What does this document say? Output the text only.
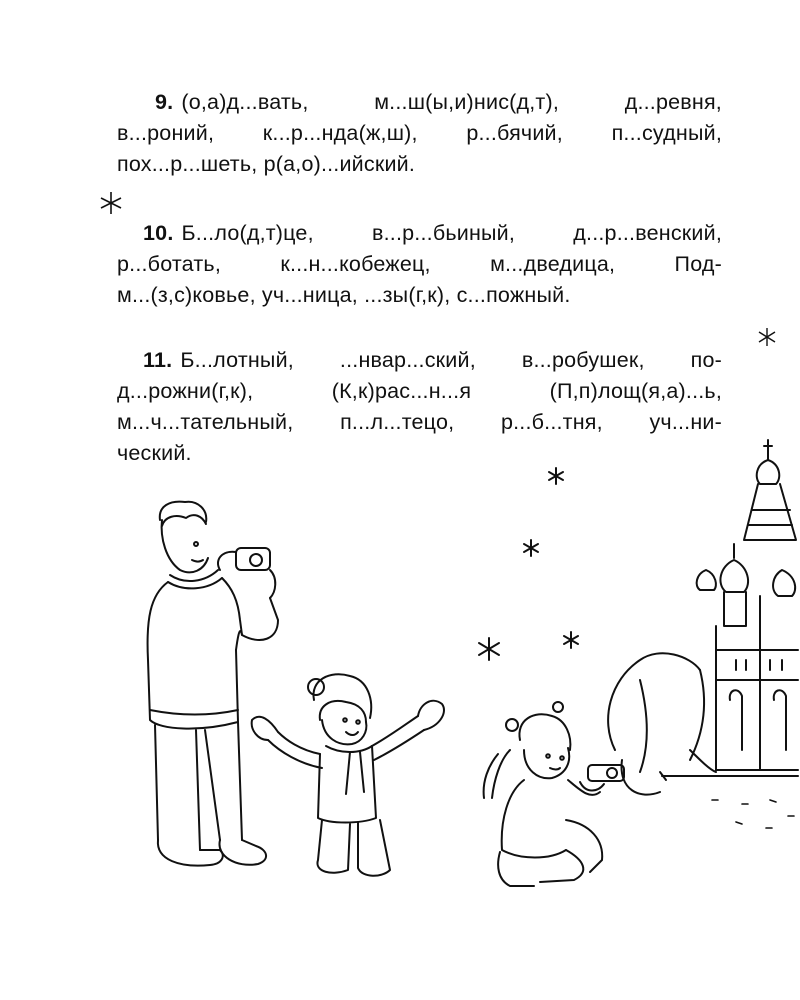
9. (о,а)д...вать, м...ш(ы,и)нис(д,т), д...ревня,
в...роний, к...р...нда(ж,ш), р...бячий, п...судный,
пох...р...шеть, р(а,о)...ийский.
10. Б...ло(д,т)це, в...р...бьиный, д...р...венский,
р...ботать, к...н...кобежец, м...дведица, Под-
м...(з,с)ковье, уч...ница, ...зы(г,к), с...пожный.
11. Б...лотный, ...нвар...ский, в...робушек, по-
д...рожни(г,к), (К,к)рас...н...я (П,п)лощ(я,а)...ь,
м...ч...тательный, п...л...тецо, р...б...тня, уч...ни-
ческий.
